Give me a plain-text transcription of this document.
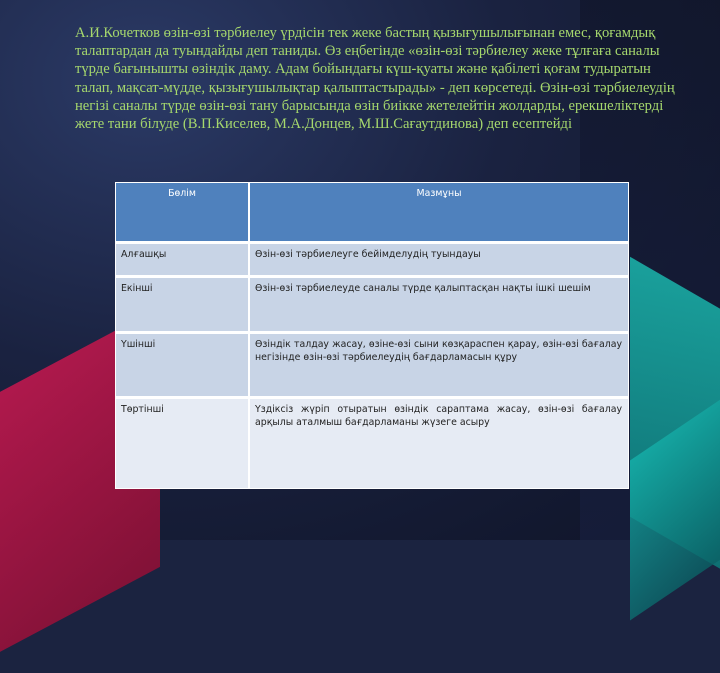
А.И.Кочетков өзін-өзі тәрбиелеу үрдісін тек жеке бастың қызығушылығынан емес, қоғамдық талаптардан да туындайды деп таниды. Өз еңбегінде «өзін-өзі тәрбиелеу жеке тұлғаға саналы түрде бағынышты өзіндік даму. Адам бойындағы күш-қуаты және қабілеті қоғам тудыратын талап, мақсат-мүдде, қызығушылықтар қалыптастырады» - деп көрсетеді. Өзін-өзі тәрбиелеудің негізі саналы түрде өзін-өзі тану барысында өзін биікке жетелейтін жолдарды, ерекшеліктерді жете тани білуде (В.П.Киселев, М.А.Донцев, М.Ш.Сағаутдинова) деп есептейді

Бөлім	Мазмұны
Алғашқы	Өзін-өзі тәрбиелеуге бейімделудің туындауы
Екінші	Өзін-өзі тәрбиелеуде саналы түрде қалыптасқан нақты ішкі шешім
Үшінші	Өзіндік талдау жасау, өзіне-өзі сыни көзқараспен қарау, өзін-өзі бағалау негізінде өзін-өзі тәрбиелеудің бағдарламасын құру
Төртінші	Үздіксіз жүріп отыратын өзіндік сараптама жасау, өзін-өзі бағалау арқылы аталмыш бағдарламаны жүзеге асыру
